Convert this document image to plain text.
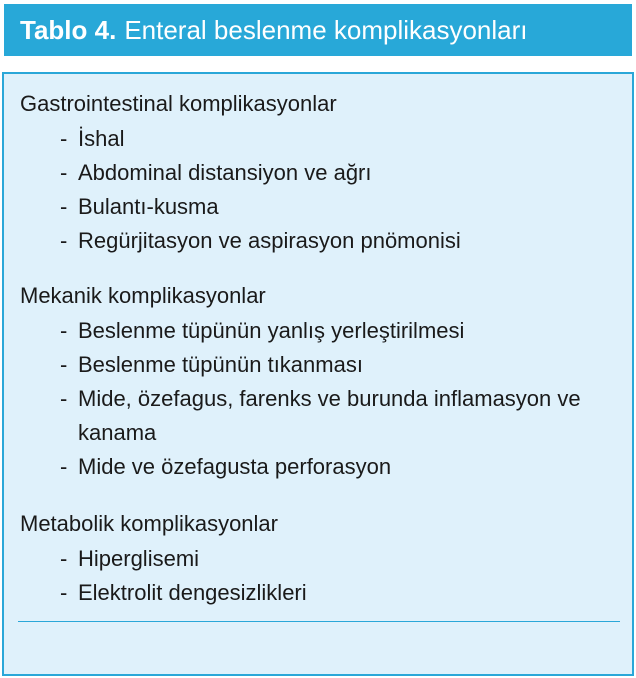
Tablo 4. Enteral beslenme komplikasyonları
Gastrointestinal komplikasyonlar
- İshal
- Abdominal distansiyon ve ağrı
- Bulantı-kusma
- Regürjitasyon ve aspirasyon pnömonisi
Mekanik komplikasyonlar
- Beslenme tüpünün yanlış yerleştirilmesi
- Beslenme tüpünün tıkanması
- Mide, özefagus, farenks ve burunda inflamasyon ve kanama
- Mide ve özefagusta perforasyon
Metabolik komplikasyonlar
- Hiperglisemi
- Elektrolit dengesizlikleri
